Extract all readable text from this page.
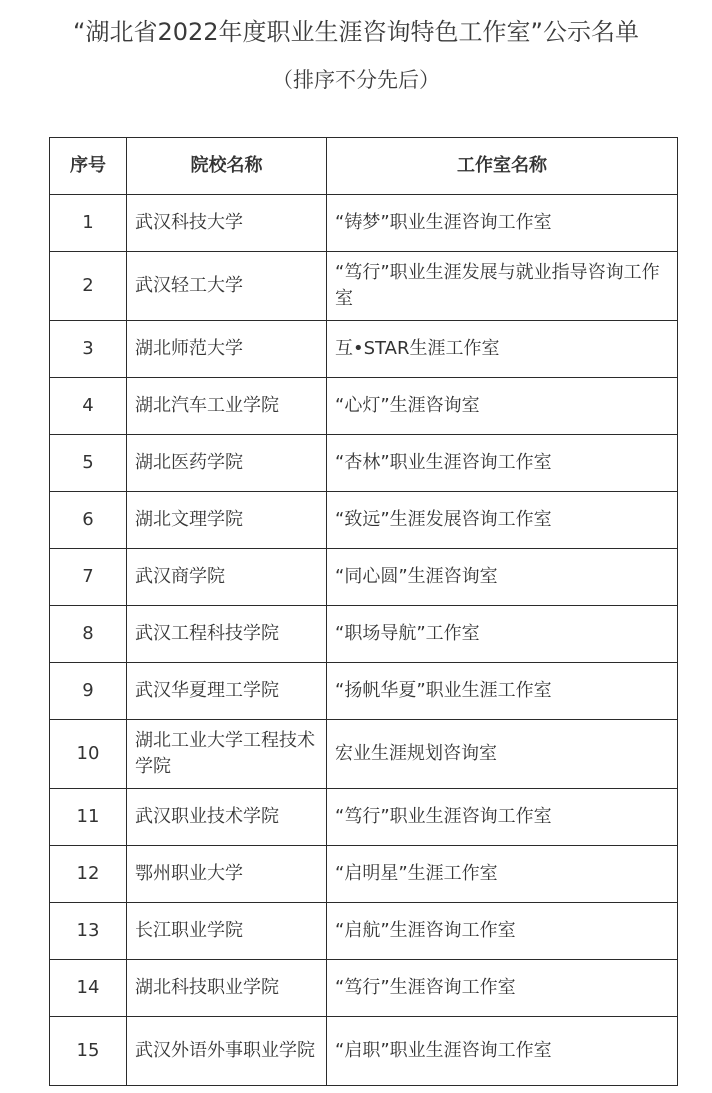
“湖北省2022年度职业生涯咨询特色工作室”公示名单
（排序不分先后）
序号	院校名称	工作室名称
1	武汉科技大学	“铸梦”职业生涯咨询工作室
2	武汉轻工大学	“笃行”职业生涯发展与就业指导咨询工作室
3	湖北师范大学	互•STAR生涯工作室
4	湖北汽车工业学院	“心灯”生涯咨询室
5	湖北医药学院	“杏林”职业生涯咨询工作室
6	湖北文理学院	“致远”生涯发展咨询工作室
7	武汉商学院	“同心圆”生涯咨询室
8	武汉工程科技学院	“职场导航”工作室
9	武汉华夏理工学院	“扬帆华夏”职业生涯工作室
10	湖北工业大学工程技术学院	宏业生涯规划咨询室
11	武汉职业技术学院	“笃行”职业生涯咨询工作室
12	鄂州职业大学	“启明星”生涯工作室
13	长江职业学院	“启航”生涯咨询工作室
14	湖北科技职业学院	“笃行”生涯咨询工作室
15	武汉外语外事职业学院	“启职”职业生涯咨询工作室
